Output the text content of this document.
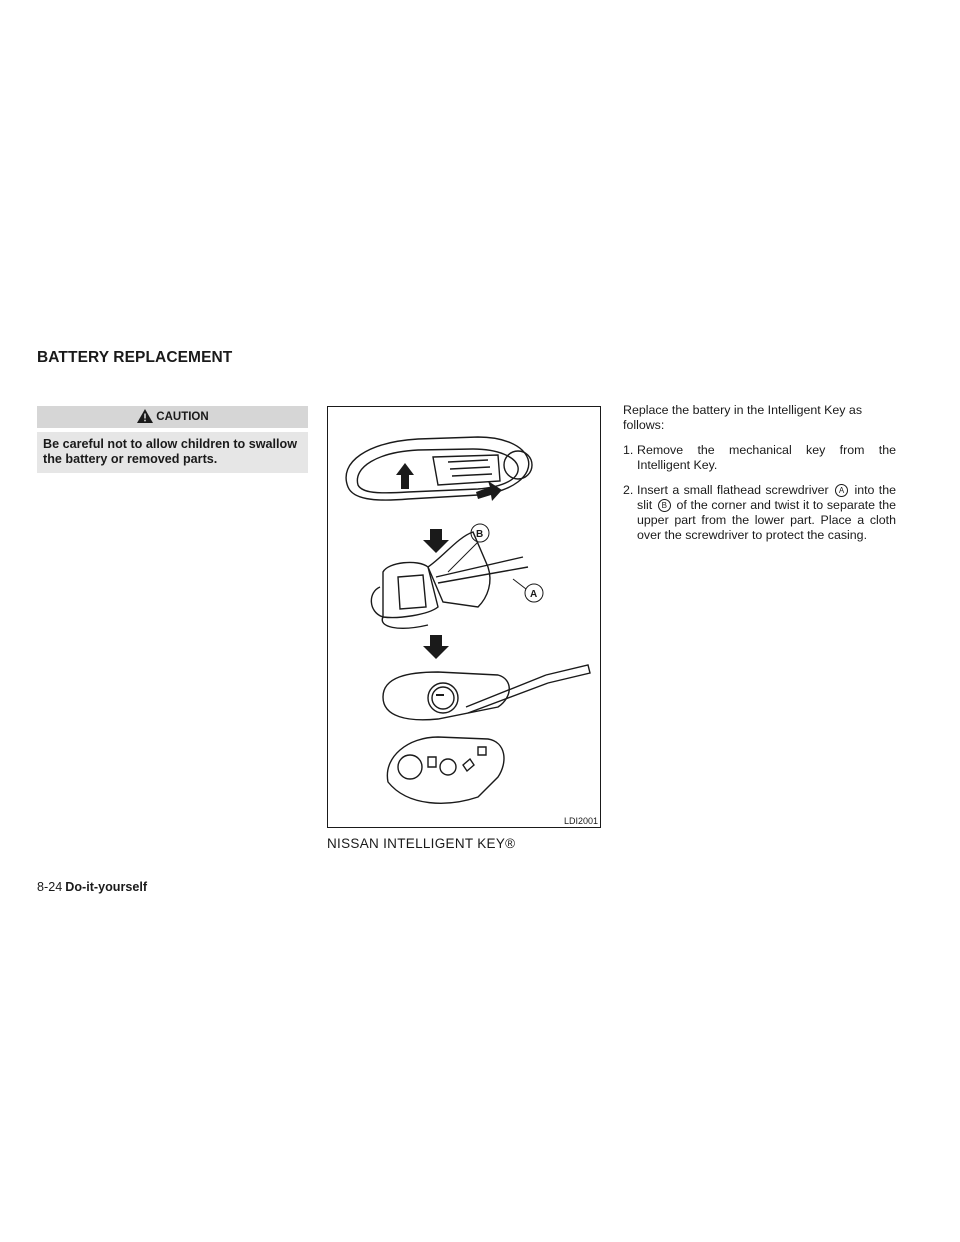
BATTERY REPLACEMENT
CAUTION
Be careful not to allow children to swallow the battery or removed parts.
B
A
LDI2001
NISSAN INTELLIGENT KEY®

Replace the battery in the Intelligent Key as follows:

1. Remove the mechanical key from the Intelligent Key.
2. Insert a small flathead screwdriver A into the slit B of the corner and twist it to separate the upper part from the lower part. Place a cloth over the screwdriver to protect the casing.
8-24 Do-it-yourself
